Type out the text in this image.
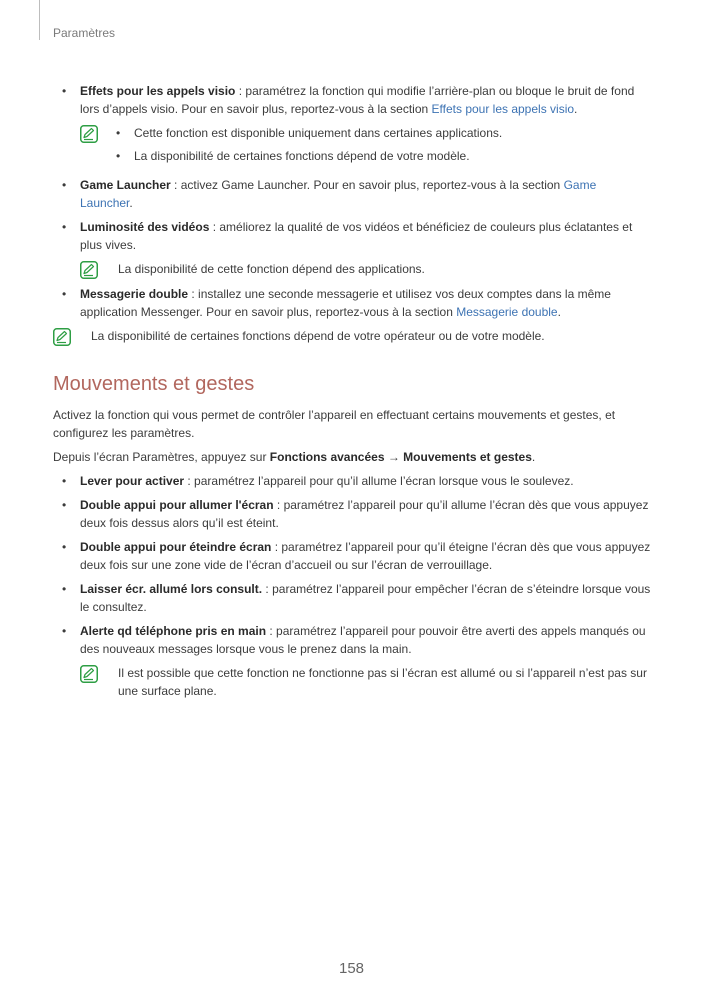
Paramètres
• Effets pour les appels visio : paramétrez la fonction qui modifie l’arrière-plan ou bloque le bruit de fond lors d’appels visio. Pour en savoir plus, reportez-vous à la section Effets pour les appels visio.
• Cette fonction est disponible uniquement dans certaines applications.
• La disponibilité de certaines fonctions dépend de votre modèle.
• Game Launcher : activez Game Launcher. Pour en savoir plus, reportez-vous à la section Game Launcher.
• Luminosité des vidéos : améliorez la qualité de vos vidéos et bénéficiez de couleurs plus éclatantes et plus vives.
La disponibilité de cette fonction dépend des applications.
• Messagerie double : installez une seconde messagerie et utilisez vos deux comptes dans la même application Messenger. Pour en savoir plus, reportez-vous à la section Messagerie double.
La disponibilité de certaines fonctions dépend de votre opérateur ou de votre modèle.
Mouvements et gestes

Activez la fonction qui vous permet de contrôler l’appareil en effectuant certains mouvements et gestes, et configurez les paramètres.

Depuis l’écran Paramètres, appuyez sur Fonctions avancées → Mouvements et gestes.

• Lever pour activer : paramétrez l’appareil pour qu’il allume l’écran lorsque vous le soulevez.
• Double appui pour allumer l'écran : paramétrez l’appareil pour qu’il allume l’écran dès que vous appuyez deux fois dessus alors qu’il est éteint.
• Double appui pour éteindre écran : paramétrez l’appareil pour qu’il éteigne l’écran dès que vous appuyez deux fois sur une zone vide de l’écran d’accueil ou sur l’écran de verrouillage.
• Laisser écr. allumé lors consult. : paramétrez l’appareil pour empêcher l’écran de s’éteindre lorsque vous le consultez.
• Alerte qd téléphone pris en main : paramétrez l’appareil pour pouvoir être averti des appels manqués ou des nouveaux messages lorsque vous le prenez dans la main.
Il est possible que cette fonction ne fonctionne pas si l’écran est allumé ou si l’appareil n’est pas sur une surface plane.
158
